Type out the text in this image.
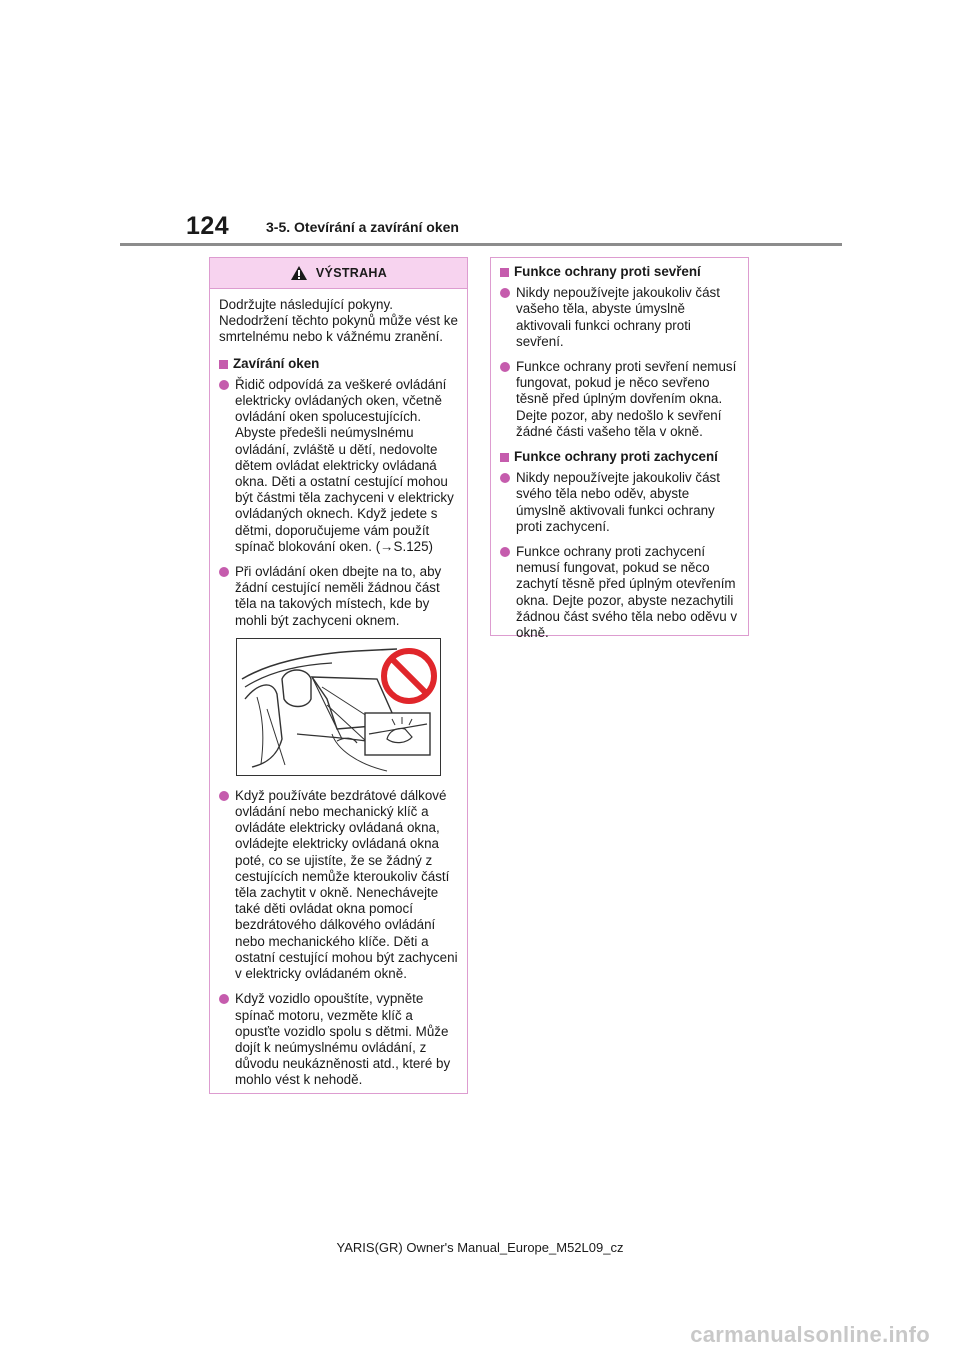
124	3-5. Otevírání a zavírání oken
VÝSTRAHA
Dodržujte následující pokyny. Nedodržení těchto pokynů může vést ke smrtelnému nebo k vážnému zranění.
Zavírání oken
Řidič odpovídá za veškeré ovládání elektricky ovládaných oken, včetně ovládání oken spolucestujících. Abyste předešli neúmyslnému ovládání, zvláště u dětí, nedovolte dětem ovládat elektricky ovládaná okna. Děti a ostatní cestující mohou být částmi těla zachyceni v elektricky ovládaných oknech. Když jedete s dětmi, doporučujeme vám použít spínač blokování oken. (→S.125)
Při ovládání oken dbejte na to, aby žádní cestující neměli žádnou část těla na takových místech, kde by mohli být zachyceni oknem.
Když používáte bezdrátové dálkové ovládání nebo mechanický klíč a ovládáte elektricky ovládaná okna, ovládejte elektricky ovládaná okna poté, co se ujistíte, že se žádný z cestujících nemůže kteroukoliv částí těla zachytit v okně. Nenechávejte také děti ovládat okna pomocí bezdrátového dálkového ovládání nebo mechanického klíče. Děti a ostatní cestující mohou být zachyceni v elektricky ovládaném okně.
Když vozidlo opouštíte, vypněte spínač motoru, vezměte klíč a opusťte vozidlo spolu s dětmi. Může dojít k neúmyslnému ovládání, z důvodu neukázněnosti atd., které by mohlo vést k nehodě.
Funkce ochrany proti sevření
Nikdy nepoužívejte jakoukoliv část vašeho těla, abyste úmyslně aktivovali funkci ochrany proti sevření.
Funkce ochrany proti sevření nemusí fungovat, pokud je něco sevřeno těsně před úplným dovřením okna. Dejte pozor, aby nedošlo k sevření žádné části vašeho těla v okně.
Funkce ochrany proti zachycení
Nikdy nepoužívejte jakoukoliv část svého těla nebo oděv, abyste úmyslně aktivovali funkci ochrany proti zachycení.
Funkce ochrany proti zachycení nemusí fungovat, pokud se něco zachytí těsně před úplným otevřením okna. Dejte pozor, abyste nezachytili žádnou část svého těla nebo oděvu v okně.
YARIS(GR) Owner's Manual_Europe_M52L09_cz
carmanualsonline.info
